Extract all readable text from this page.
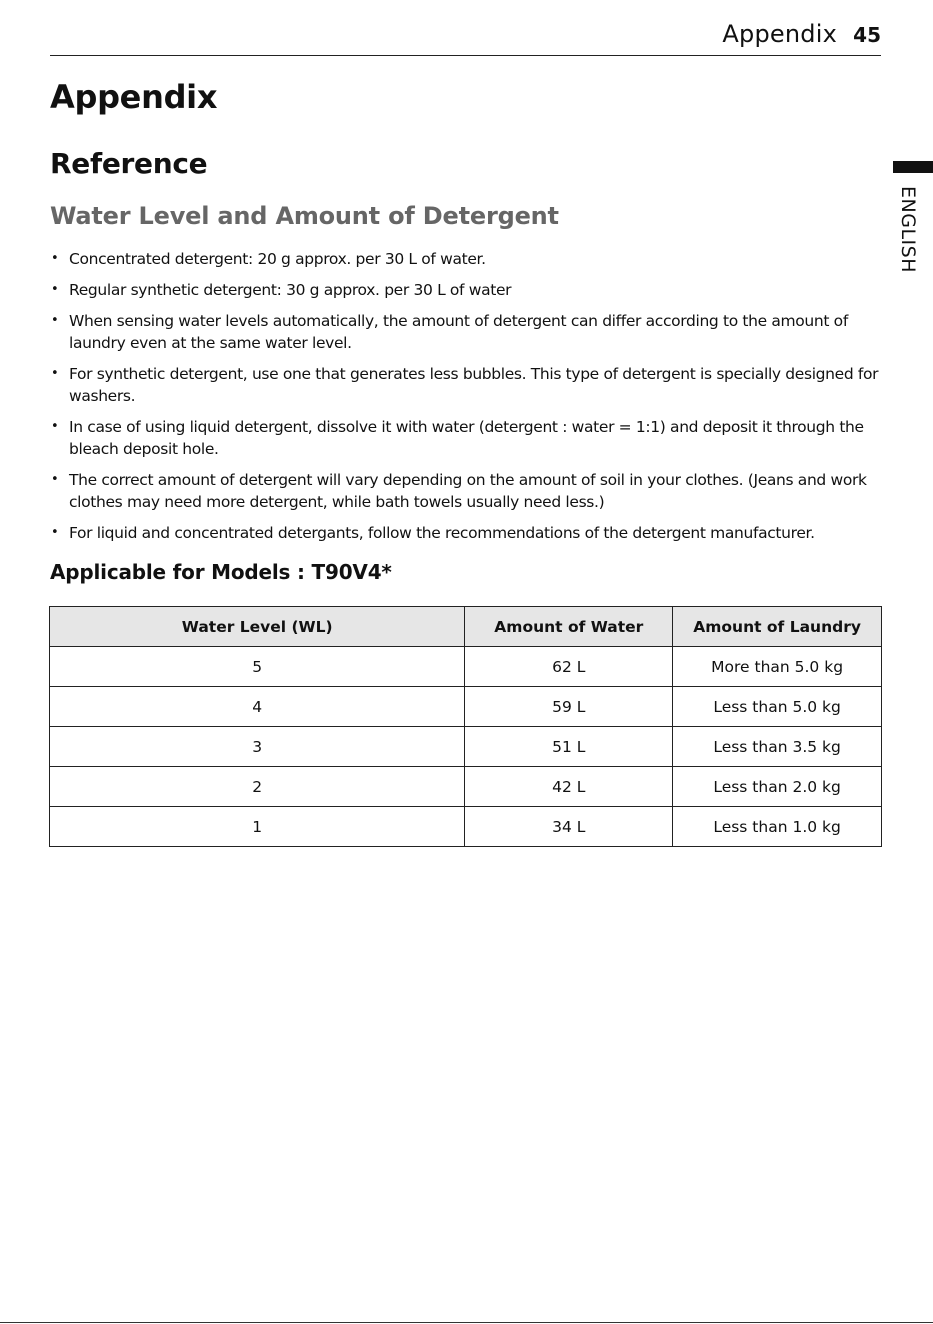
Appendix 45
ENGLISH
Appendix
Reference
Water Level and Amount of Detergent
• Concentrated detergent: 20 g approx. per 30 L of water.
• Regular synthetic detergent: 30 g approx. per 30 L of water
• When sensing water levels automatically, the amount of detergent can differ according to the amount of laundry even at the same water level.
• For synthetic detergent, use one that generates less bubbles. This type of detergent is specially designed for washers.
• In case of using liquid detergent, dissolve it with water (detergent : water = 1:1) and deposit it through the bleach deposit hole.
• The correct amount of detergent will vary depending on the amount of soil in your clothes. (Jeans and work clothes may need more detergent, while bath towels usually need less.)
• For liquid and concentrated detergants, follow the recommendations of the detergent manufacturer.
Applicable for Models : T90V4*
Water Level (WL)	Amount of Water	Amount of Laundry
5	62 L	More than 5.0 kg
4	59 L	Less than 5.0 kg
3	51 L	Less than 3.5 kg
2	42 L	Less than 2.0 kg
1	34 L	Less than 1.0 kg
